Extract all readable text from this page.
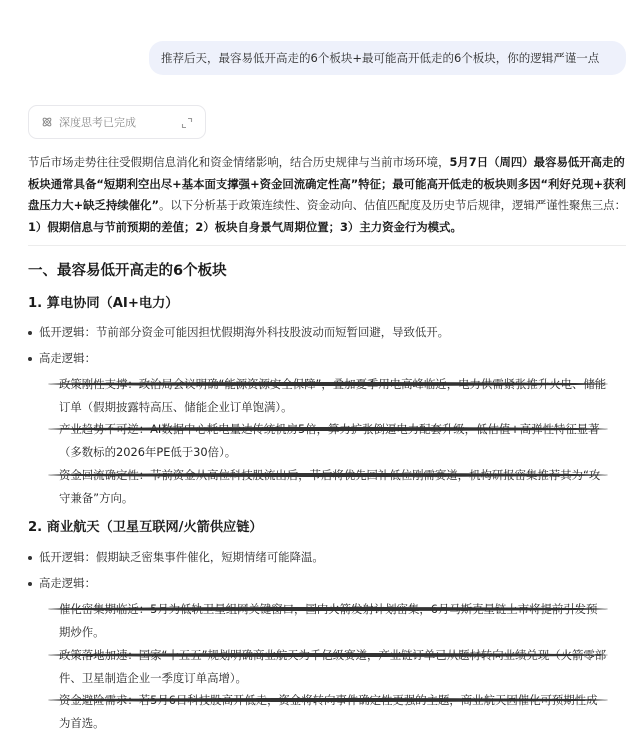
推荐后天，最容易低开高走的6个板块+最可能高开低走的6个板块，你的逻辑严谨一点
深度思考已完成
节后市场走势往往受假期信息消化和资金情绪影响，结合历史规律与当前市场环境，5月7日（周四）最容易低开高走的板块通常具备“短期利空出尽+基本面支撑强+资金回流确定性高”特征；最可能高开低走的板块则多因“利好兑现+获利盘压力大+缺乏持续催化”。以下分析基于政策连续性、资金动向、估值匹配度及历史节后规律，逻辑严谨性聚焦三点：1）假期信息与节前预期的差值；2）板块自身景气周期位置；3）主力资金行为模式。
一、最容易低开高走的6个板块
1. 算电协同（AI+电力）
低开逻辑：节前部分资金可能因担忧假期海外科技股波动而短暂回避，导致低开。
高走逻辑：
订单（假期披露特高压、储能企业订单饱满）。
（多数标的2026年PE低于30倍）。
守兼备”方向。
2. 商业航天（卫星互联网/火箭供应链）
低开逻辑：假期缺乏密集事件催化，短期情绪可能降温。
高走逻辑：
期炒作。
件、卫星制造企业一季度订单高增）。
为首选。
